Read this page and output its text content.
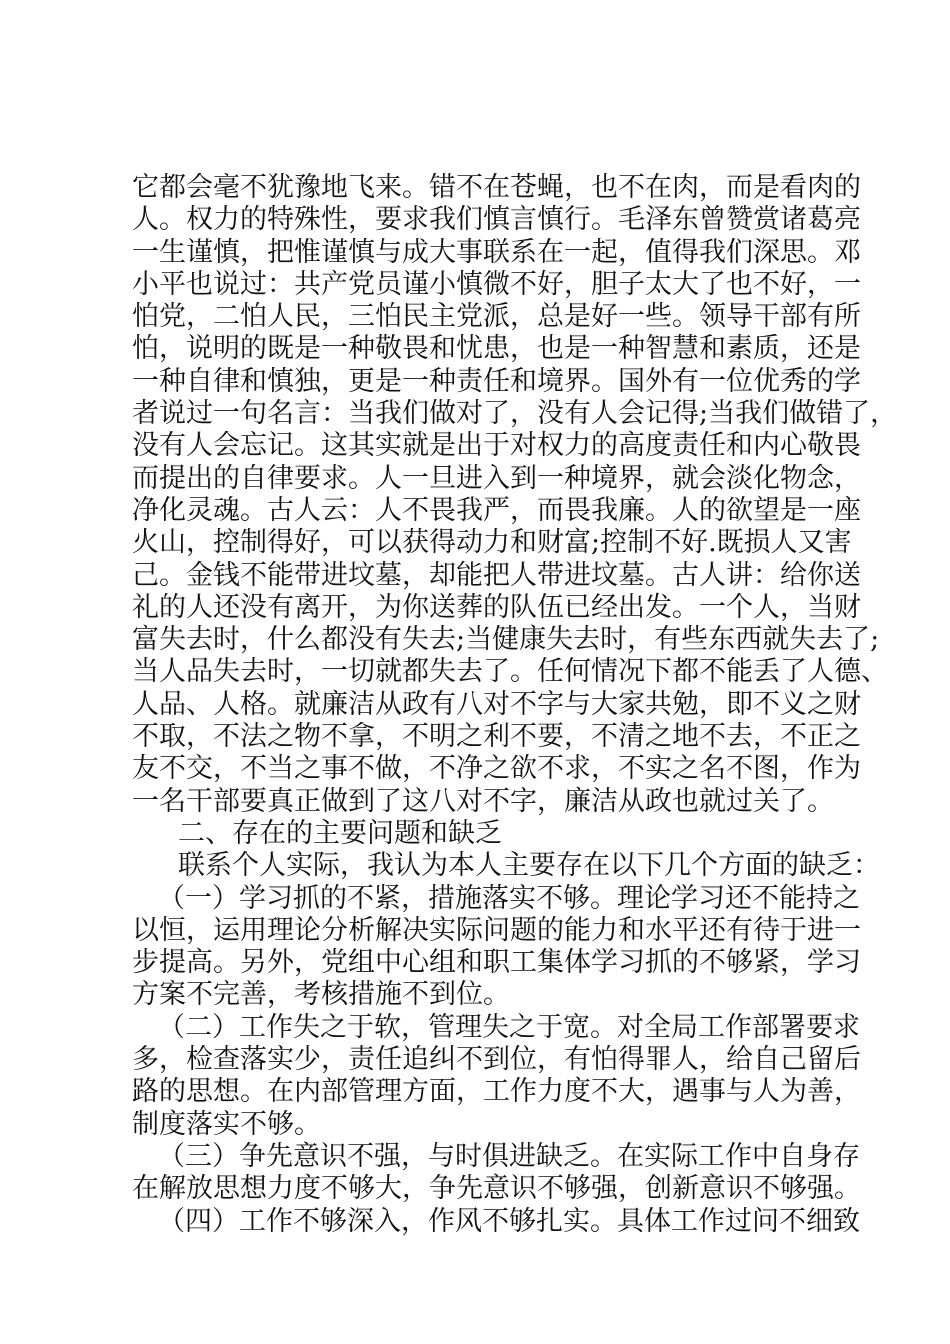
它都会毫不犹豫地飞来。错不在苍蝇，也不在肉，而是看肉的
人。权力的特殊性，要求我们慎言慎行。毛泽东曾赞赏诸葛亮
一生谨慎，把惟谨慎与成大事联系在一起，值得我们深思。邓
小平也说过：共产党员谨小慎微不好，胆子太大了也不好，一
怕党，二怕人民，三怕民主党派，总是好一些。领导干部有所
怕，说明的既是一种敬畏和忧患，也是一种智慧和素质，还是
一种自律和慎独，更是一种责任和境界。国外有一位优秀的学
者说过一句名言：当我们做对了，没有人会记得;当我们做错了，
没有人会忘记。这其实就是出于对权力的高度责任和内心敬畏
而提出的自律要求。人一旦进入到一种境界，就会淡化物念，
净化灵魂。古人云：人不畏我严，而畏我廉。人的欲望是一座
火山，控制得好，可以获得动力和财富;控制不好.既损人又害
己。金钱不能带进坟墓，却能把人带进坟墓。古人讲：给你送
礼的人还没有离开，为你送葬的队伍已经出发。一个人，当财
富失去时，什么都没有失去;当健康失去时，有些东西就失去了;
当人品失去时，一切就都失去了。任何情况下都不能丢了人德、
人品、人格。就廉洁从政有八对不字与大家共勉，即不义之财
不取，不法之物不拿，不明之利不要，不清之地不去，不正之
友不交，不当之事不做，不净之欲不求，不实之名不图，作为
一名干部要真正做到了这八对不字，廉洁从政也就过关了。
二、存在的主要问题和缺乏
联系个人实际，我认为本人主要存在以下几个方面的缺乏：
（一）学习抓的不紧，措施落实不够。理论学习还不能持之
以恒，运用理论分析解决实际问题的能力和水平还有待于进一
步提高。另外，党组中心组和职工集体学习抓的不够紧，学习
方案不完善，考核措施不到位。
（二）工作失之于软，管理失之于宽。对全局工作部署要求
多，检查落实少，责任追纠不到位，有怕得罪人，给自己留后
路的思想。在内部管理方面，工作力度不大，遇事与人为善，
制度落实不够。
（三）争先意识不强，与时俱进缺乏。在实际工作中自身存
在解放思想力度不够大，争先意识不够强，创新意识不够强。
（四）工作不够深入，作风不够扎实。具体工作过问不细致
